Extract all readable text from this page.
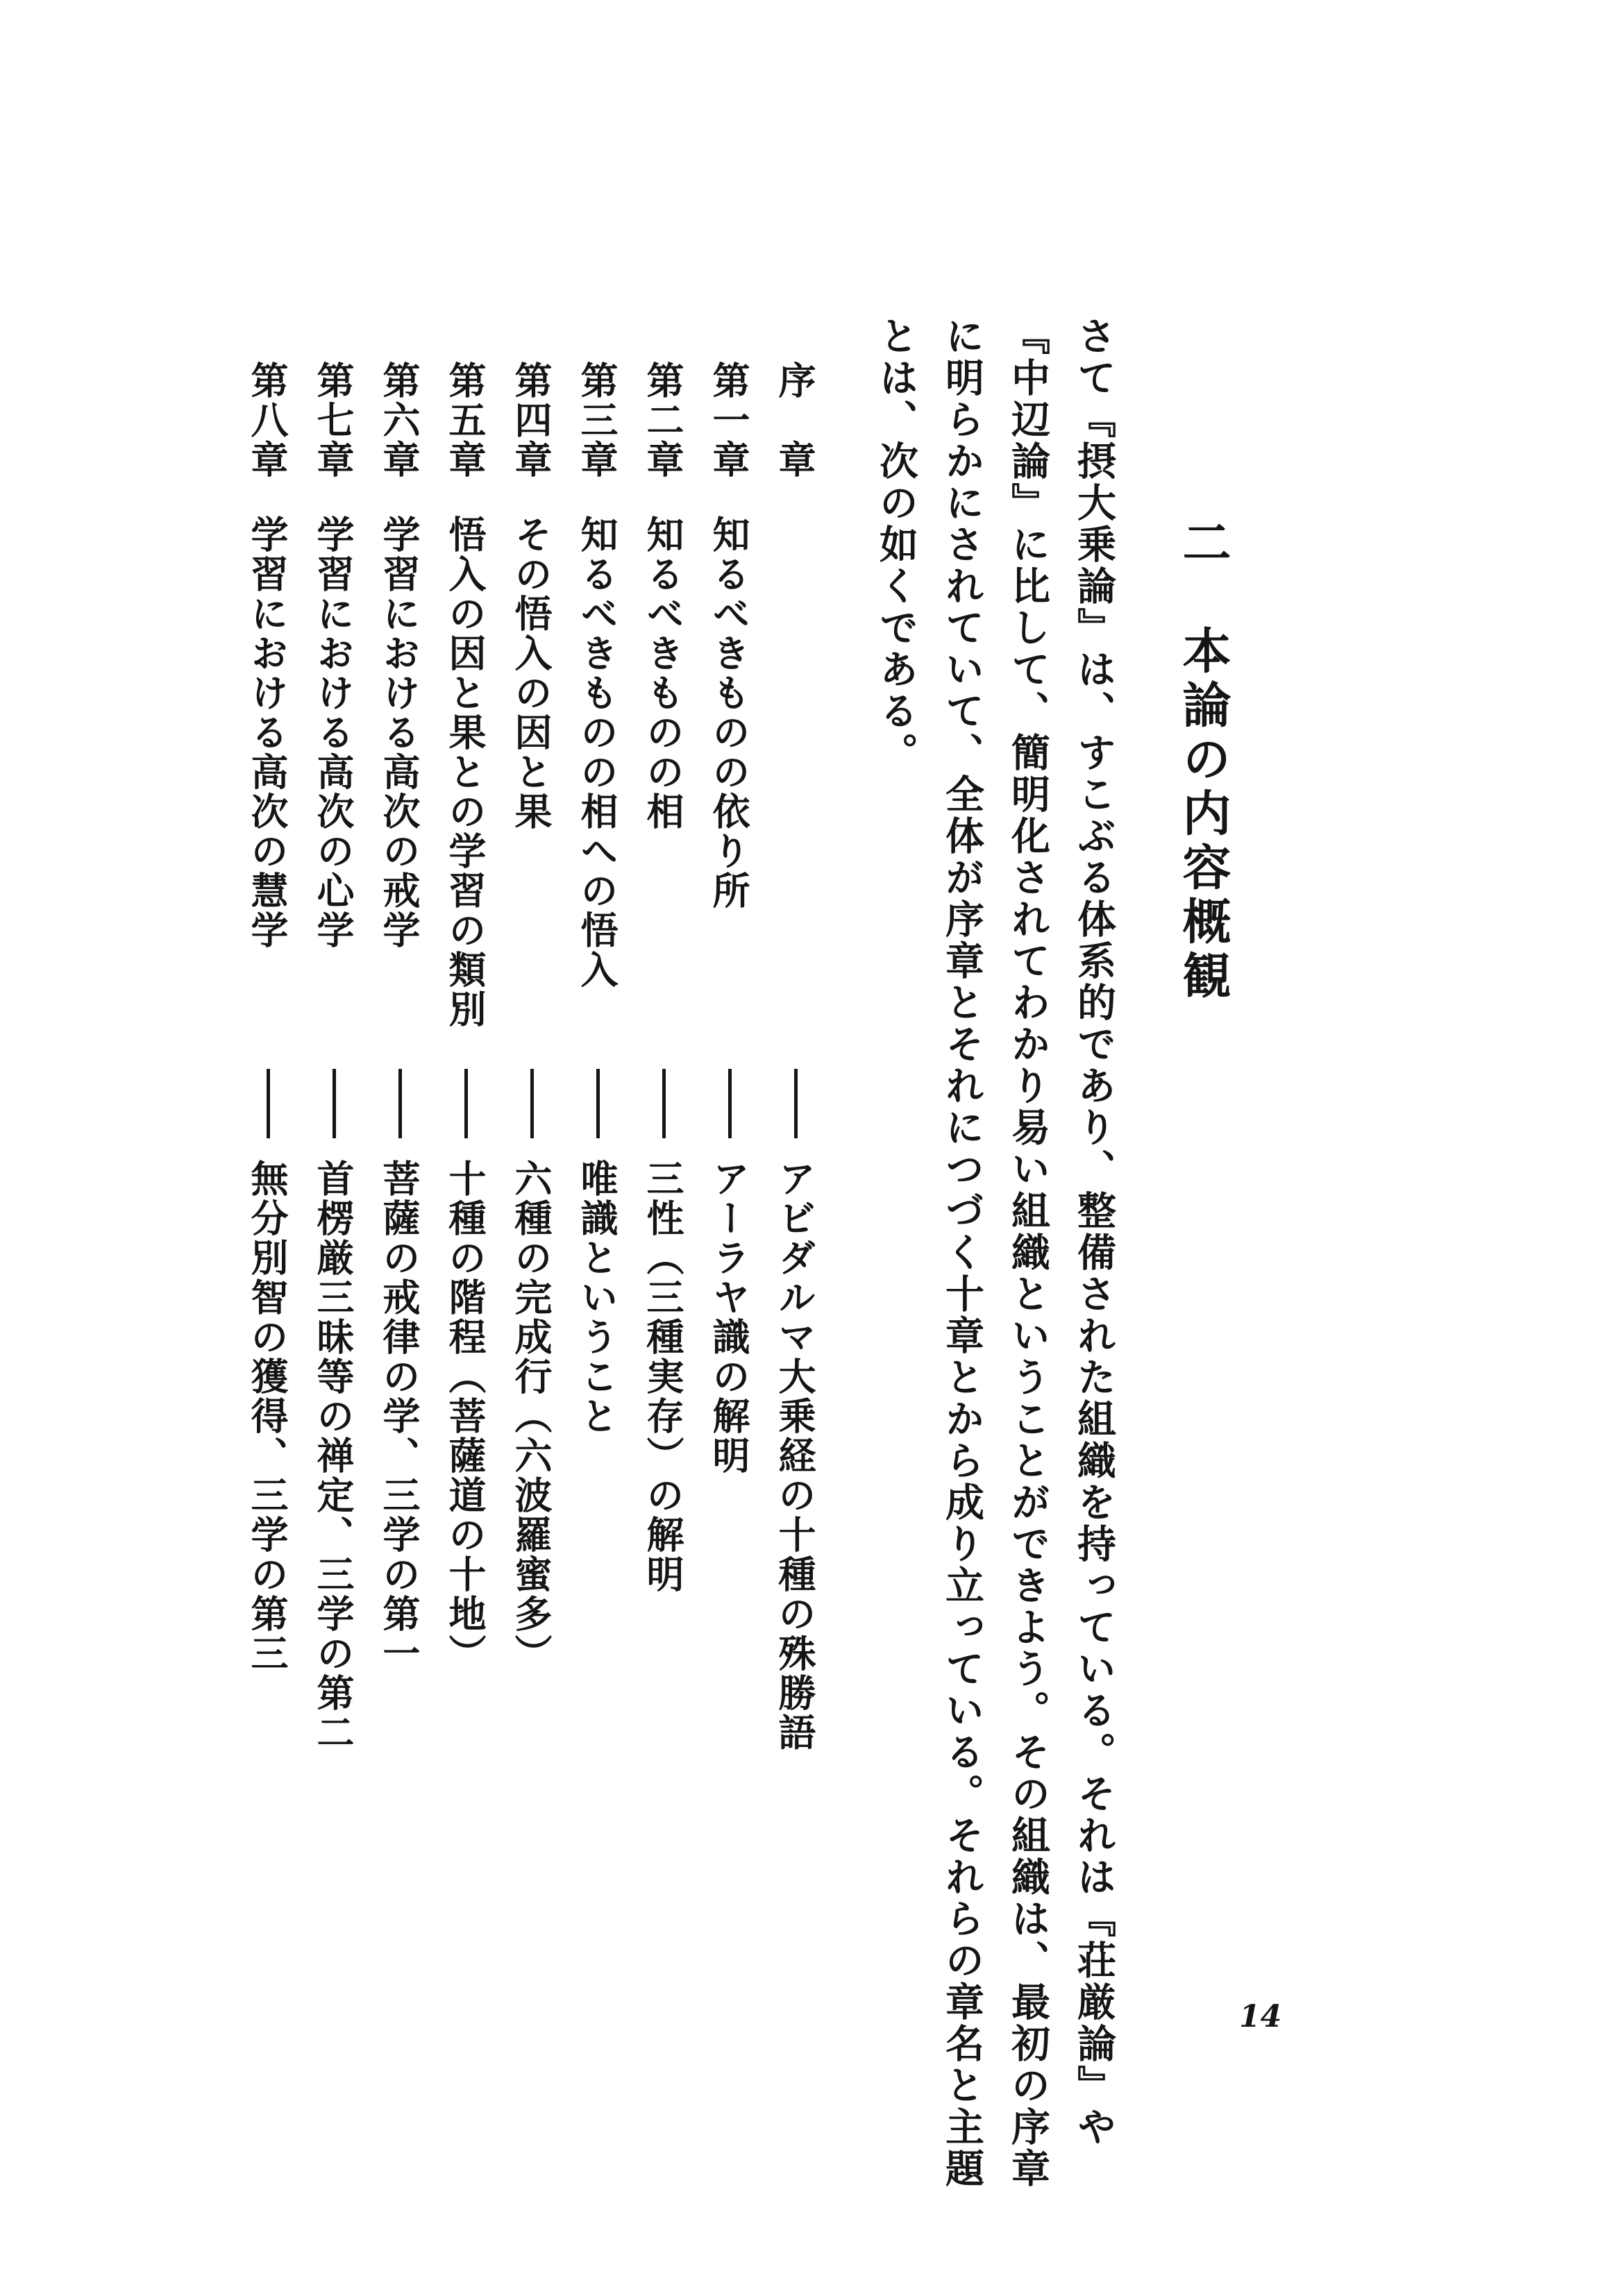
二　本論の内容概観
さて『摂大乗論』は、すこぶる体系的であり、整備された組織を持っている。それは『荘厳論』や
『中辺論』に比して、簡明化されてわかり易い組織ということができよう。その組織は、最初の序章
に明らかにされていて、全体が序章とそれにつづく十章とから成り立っている。それらの章名と主題
とは、次の如くである。
序　章
アビダルマ大乗経の十種の殊勝語
第一章
知るべきものの依り所
アーラヤ識の解明
第二章
知るべきものの相
三性（三種実存）の解明
第三章
知るべきものの相への悟入
唯識ということ
第四章
その悟入の因と果
六種の完成行（六波羅蜜多）
第五章
悟入の因と果との学習の類別
十種の階程（菩薩道の十地）
第六章
学習における高次の戒学
菩薩の戒律の学、三学の第一
第七章
学習における高次の心学
首楞厳三昧等の禅定、三学の第二
第八章
学習における高次の慧学
無分別智の獲得、三学の第三
14
